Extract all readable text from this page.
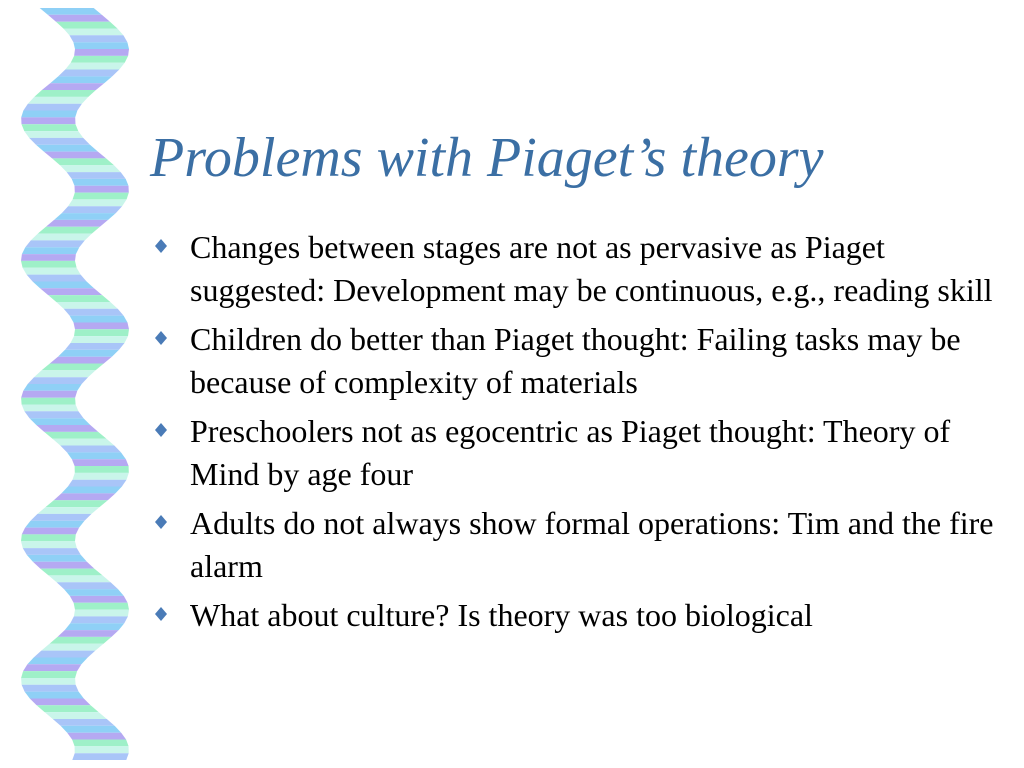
Problems with Piaget’s theory
Changes between stages are not as pervasive as Piaget suggested: Development may be continuous, e.g., reading skill
Children do better than Piaget thought: Failing tasks may be because of complexity of materials
Preschoolers not as egocentric as Piaget thought: Theory of Mind by age four
Adults do not always show formal operations: Tim and the fire alarm
What about culture? Is theory was too biological
